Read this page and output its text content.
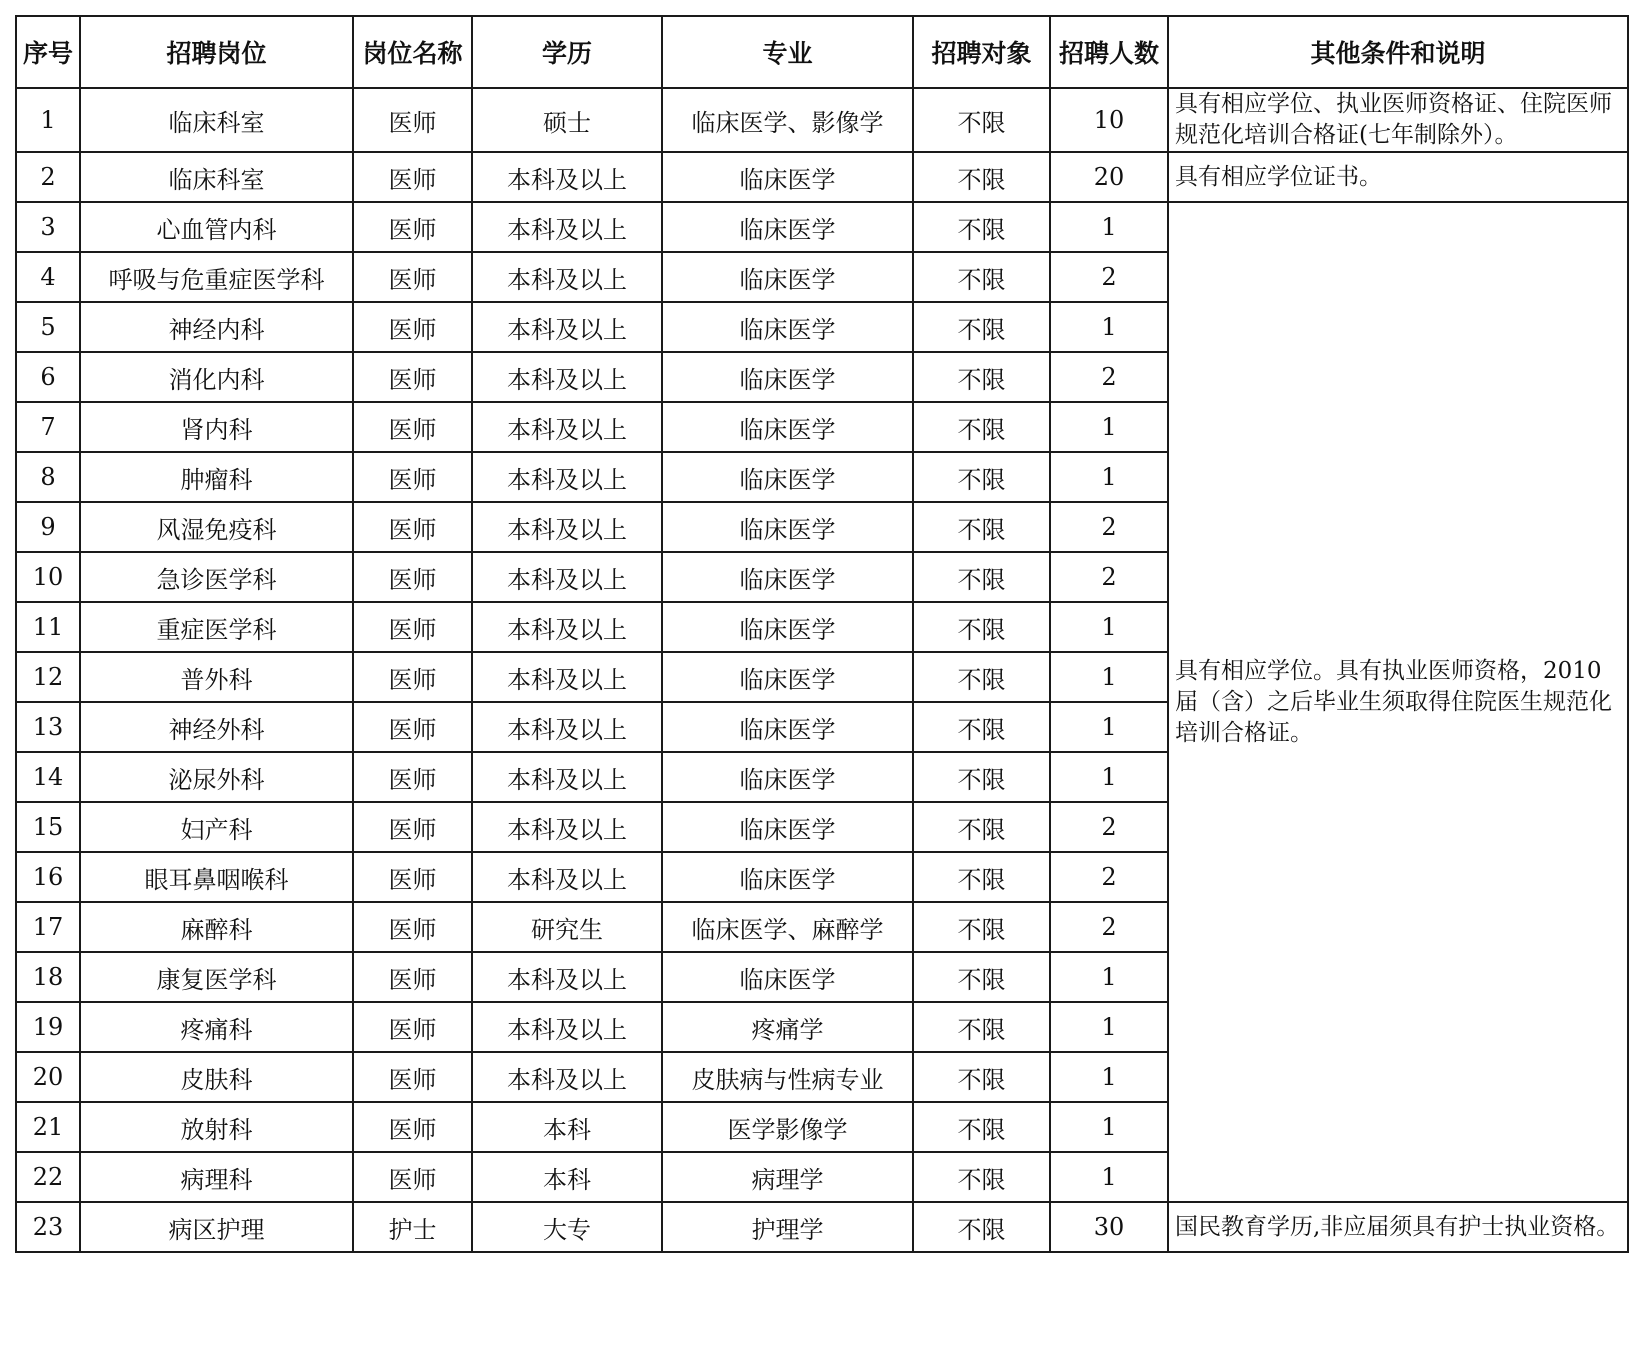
序号	招聘岗位	岗位名称	学历	专业	招聘对象	招聘人数	其他条件和说明
1	临床科室	医师	硕士	临床医学、影像学	不限	10	具有相应学位、执业医师资格证、住院医师规范化培训合格证(七年制除外）。
2	临床科室	医师	本科及以上	临床医学	不限	20	具有相应学位证书。
3	心血管内科	医师	本科及以上	临床医学	不限	1	具有相应学位。具有执业医师资格，2010届（含）之后毕业生须取得住院医生规范化培训合格证。
4	呼吸与危重症医学科	医师	本科及以上	临床医学	不限	2	
5	神经内科	医师	本科及以上	临床医学	不限	1	
6	消化内科	医师	本科及以上	临床医学	不限	2	
7	肾内科	医师	本科及以上	临床医学	不限	1	
8	肿瘤科	医师	本科及以上	临床医学	不限	1	
9	风湿免疫科	医师	本科及以上	临床医学	不限	2	
10	急诊医学科	医师	本科及以上	临床医学	不限	2	
11	重症医学科	医师	本科及以上	临床医学	不限	1	
12	普外科	医师	本科及以上	临床医学	不限	1	
13	神经外科	医师	本科及以上	临床医学	不限	1	
14	泌尿外科	医师	本科及以上	临床医学	不限	1	
15	妇产科	医师	本科及以上	临床医学	不限	2	
16	眼耳鼻咽喉科	医师	本科及以上	临床医学	不限	2	
17	麻醉科	医师	研究生	临床医学、麻醉学	不限	2	
18	康复医学科	医师	本科及以上	临床医学	不限	1	
19	疼痛科	医师	本科及以上	疼痛学	不限	1	
20	皮肤科	医师	本科及以上	皮肤病与性病专业	不限	1	
21	放射科	医师	本科	医学影像学	不限	1	
22	病理科	医师	本科	病理学	不限	1	
23	病区护理	护士	大专	护理学	不限	30	国民教育学历,非应届须具有护士执业资格。
